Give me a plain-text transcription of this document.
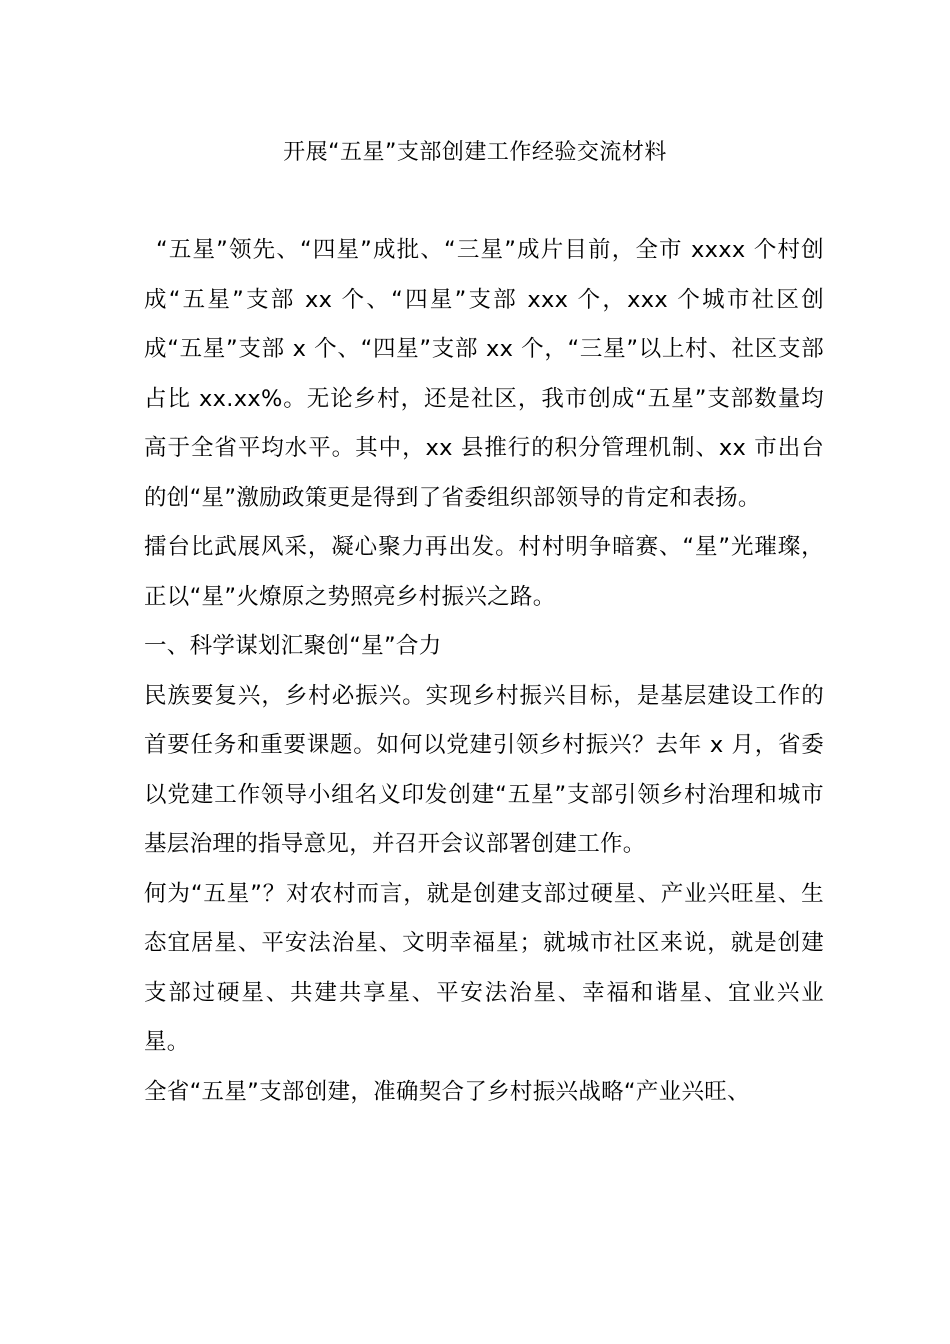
开展“五星”支部创建工作经验交流材料

“五星”领先、“四星”成批、“三星”成片目前，全市 xxxx 个村创成“五星”支部 xx 个、“四星”支部 xxx 个，xxx 个城市社区创成“五星”支部 x 个、“四星”支部 xx 个，“三星”以上村、社区支部占比 xx.xx%。无论乡村，还是社区，我市创成“五星”支部数量均高于全省平均水平。其中，xx 县推行的积分管理机制、xx 市出台的创“星”激励政策更是得到了省委组织部领导的肯定和表扬。

擂台比武展风采，凝心聚力再出发。村村明争暗赛、“星”光璀璨，正以“星”火燎原之势照亮乡村振兴之路。

一、科学谋划汇聚创“星”合力

民族要复兴，乡村必振兴。实现乡村振兴目标，是基层建设工作的首要任务和重要课题。如何以党建引领乡村振兴？去年 x 月，省委以党建工作领导小组名义印发创建“五星”支部引领乡村治理和城市基层治理的指导意见，并召开会议部署创建工作。

何为“五星”？对农村而言，就是创建支部过硬星、产业兴旺星、生态宜居星、平安法治星、文明幸福星；就城市社区来说，就是创建支部过硬星、共建共享星、平安法治星、幸福和谐星、宜业兴业星。

全省“五星”支部创建，准确契合了乡村振兴战略“产业兴旺、
